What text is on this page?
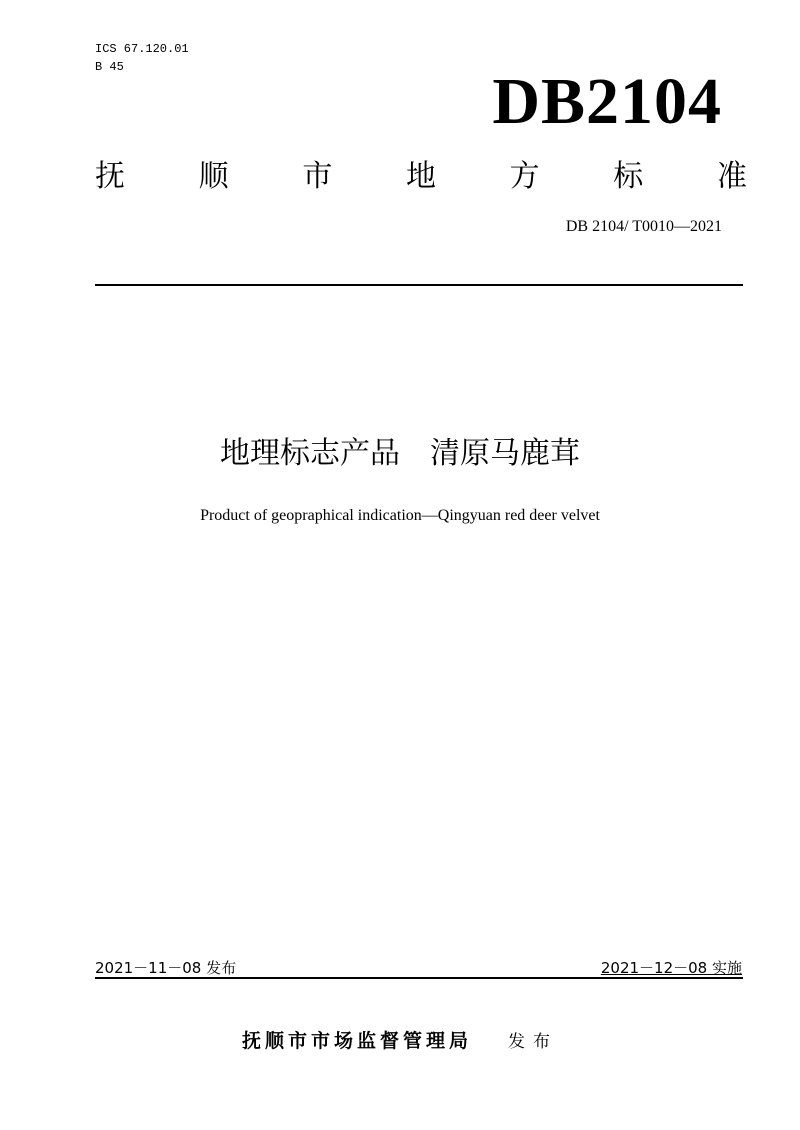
ICS 67.120.01
B 45	DB2104
抚 顺 市 地 方 标 准
DB 2104/ T0010—2021
地理标志产品　清原马鹿茸
Product of geopraphical indication—Qingyuan red deer velvet
2021－11－08 发布	2021－12－08 实施
抚顺市市场监督管理局 发布
